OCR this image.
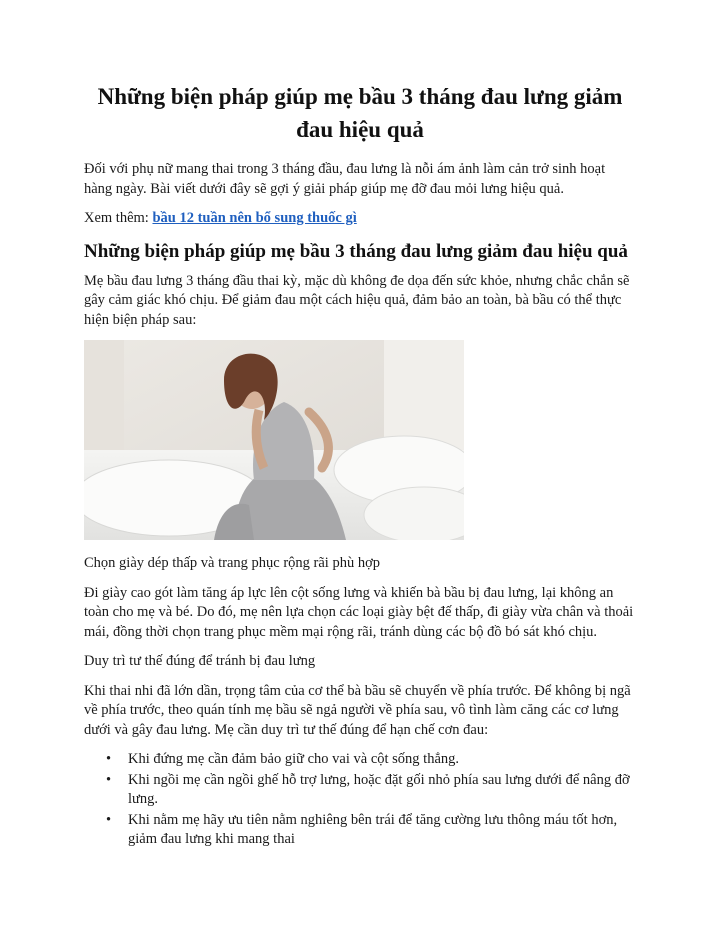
Những biện pháp giúp mẹ bầu 3 tháng đau lưng giảm đau hiệu quả

Đối với phụ nữ mang thai trong 3 tháng đầu, đau lưng là nỗi ám ảnh làm cản trở sinh hoạt hàng ngày. Bài viết dưới đây sẽ gợi ý giải pháp giúp mẹ đỡ đau mỏi lưng hiệu quả.

Xem thêm: bầu 12 tuần nên bổ sung thuốc gì

Những biện pháp giúp mẹ bầu 3 tháng đau lưng giảm đau hiệu quả

Mẹ bầu đau lưng 3 tháng đầu thai kỳ, mặc dù không đe dọa đến sức khỏe, nhưng chắc chắn sẽ gây cảm giác khó chịu. Để giảm đau một cách hiệu quả, đảm bảo an toàn, bà bầu có thể thực hiện biện pháp sau:

Chọn giày dép thấp và trang phục rộng rãi phù hợp

Đi giày cao gót làm tăng áp lực lên cột sống lưng và khiến bà bầu bị đau lưng, lại không an toàn cho mẹ và bé. Do đó, mẹ nên lựa chọn các loại giày bệt đế thấp, đi giày vừa chân và thoải mái, đồng thời chọn trang phục mềm mại rộng rãi, tránh dùng các bộ đồ bó sát khó chịu.

Duy trì tư thế đúng để tránh bị đau lưng

Khi thai nhi đã lớn dần, trọng tâm của cơ thể bà bầu sẽ chuyển về phía trước. Để không bị ngã về phía trước, theo quán tính mẹ bầu sẽ ngả người về phía sau, vô tình làm căng các cơ lưng dưới và gây đau lưng. Mẹ cần duy trì tư thế đúng để hạn chế cơn đau:

• Khi đứng mẹ cần đảm bảo giữ cho vai và cột sống thẳng.
• Khi ngồi mẹ cần ngồi ghế hỗ trợ lưng, hoặc đặt gối nhỏ phía sau lưng dưới để nâng đỡ lưng.
• Khi nằm mẹ hãy ưu tiên nằm nghiêng bên trái để tăng cường lưu thông máu tốt hơn, giảm đau lưng khi mang thai
